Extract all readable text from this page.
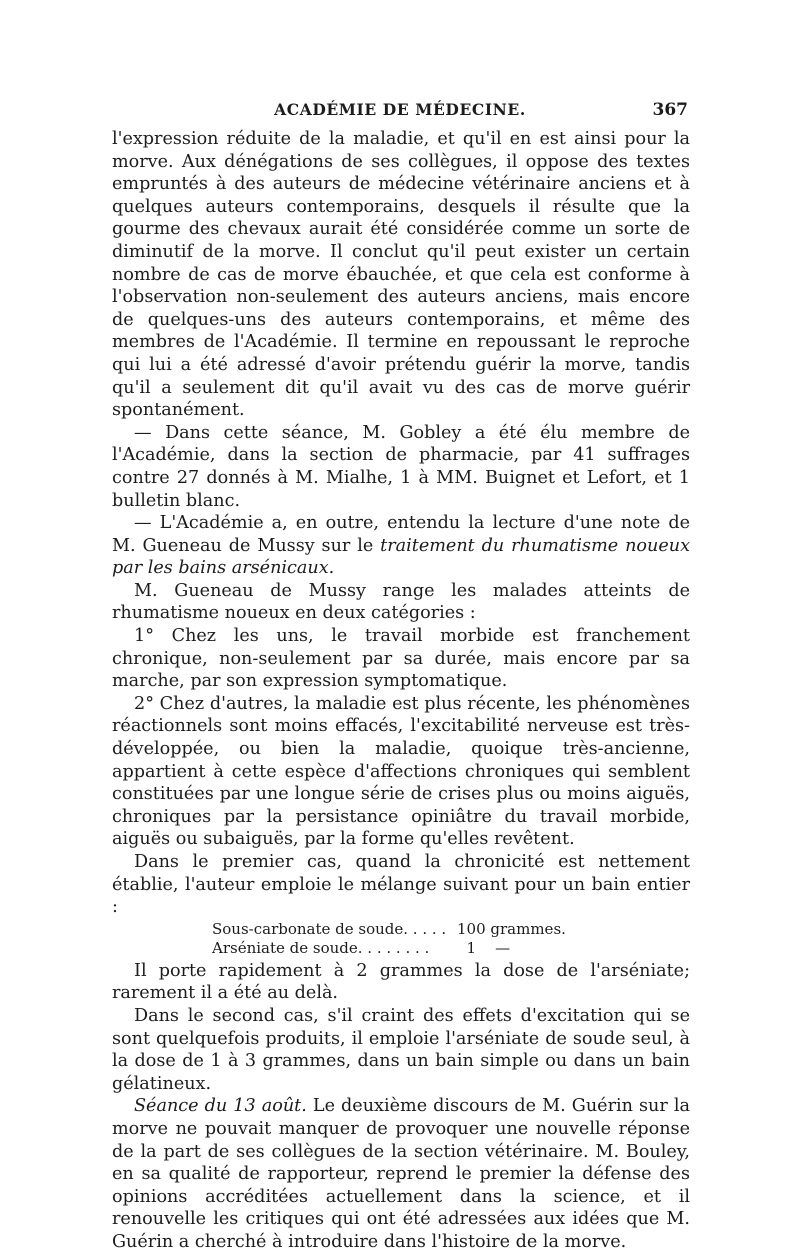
ACADÉMIE DE MÉDECINE.	367

l'expression réduite de la maladie, et qu'il en est ainsi pour la morve. Aux dénégations de ses collègues, il oppose des textes empruntés à des auteurs de médecine vétérinaire anciens et à quelques auteurs contemporains, desquels il résulte que la gourme des chevaux aurait été considérée comme un sorte de diminutif de la morve. Il conclut qu'il peut exister un certain nombre de cas de morve ébauchée, et que cela est conforme à l'observation non-seulement des auteurs anciens, mais encore de quelques-uns des auteurs contemporains, et même des membres de l'Académie. Il termine en repoussant le reproche qui lui a été adressé d'avoir prétendu guérir la morve, tandis qu'il a seulement dit qu'il avait vu des cas de morve guérir spontanément.

— Dans cette séance, M. Gobley a été élu membre de l'Académie, dans la section de pharmacie, par 41 suffrages contre 27 donnés à M. Mialhe, 1 à MM. Buignet et Lefort, et 1 bulletin blanc.

— L'Académie a, en outre, entendu la lecture d'une note de M. Gueneau de Mussy sur le traitement du rhumatisme noueux par les bains arsénicaux.

M. Gueneau de Mussy range les malades atteints de rhumatisme noueux en deux catégories :

1° Chez les uns, le travail morbide est franchement chronique, non-seulement par sa durée, mais encore par sa marche, par son expression symptomatique.

2° Chez d'autres, la maladie est plus récente, les phénomènes réactionnels sont moins effacés, l'excitabilité nerveuse est très-développée, ou bien la maladie, quoique très-ancienne, appartient à cette espèce d'affections chroniques qui semblent constituées par une longue série de crises plus ou moins aiguës, chroniques par la persistance opiniâtre du travail morbide, aiguës ou subaiguës, par la forme qu'elles revêtent.

Dans le premier cas, quand la chronicité est nettement établie, l'auteur emploie le mélange suivant pour un bain entier :

Sous-carbonate de soude. . . . . 100 grammes.
Arséniate de soude. . . . . . . .	1    —

Il porte rapidement à 2 grammes la dose de l'arséniate; rarement il a été au delà.

Dans le second cas, s'il craint des effets d'excitation qui se sont quelquefois produits, il emploie l'arséniate de soude seul, à la dose de 1 à 3 grammes, dans un bain simple ou dans un bain gélatineux.

Séance du 13 août. Le deuxième discours de M. Guérin sur la morve ne pouvait manquer de provoquer une nouvelle réponse de la part de ses collègues de la section vétérinaire. M. Bouley, en sa qualité de rapporteur, reprend le premier la défense des opinions accréditées actuellement dans la science, et il renouvelle les critiques qui ont été adressées aux idées que M. Guérin a cherché à introduire dans l'histoire de la morve.
